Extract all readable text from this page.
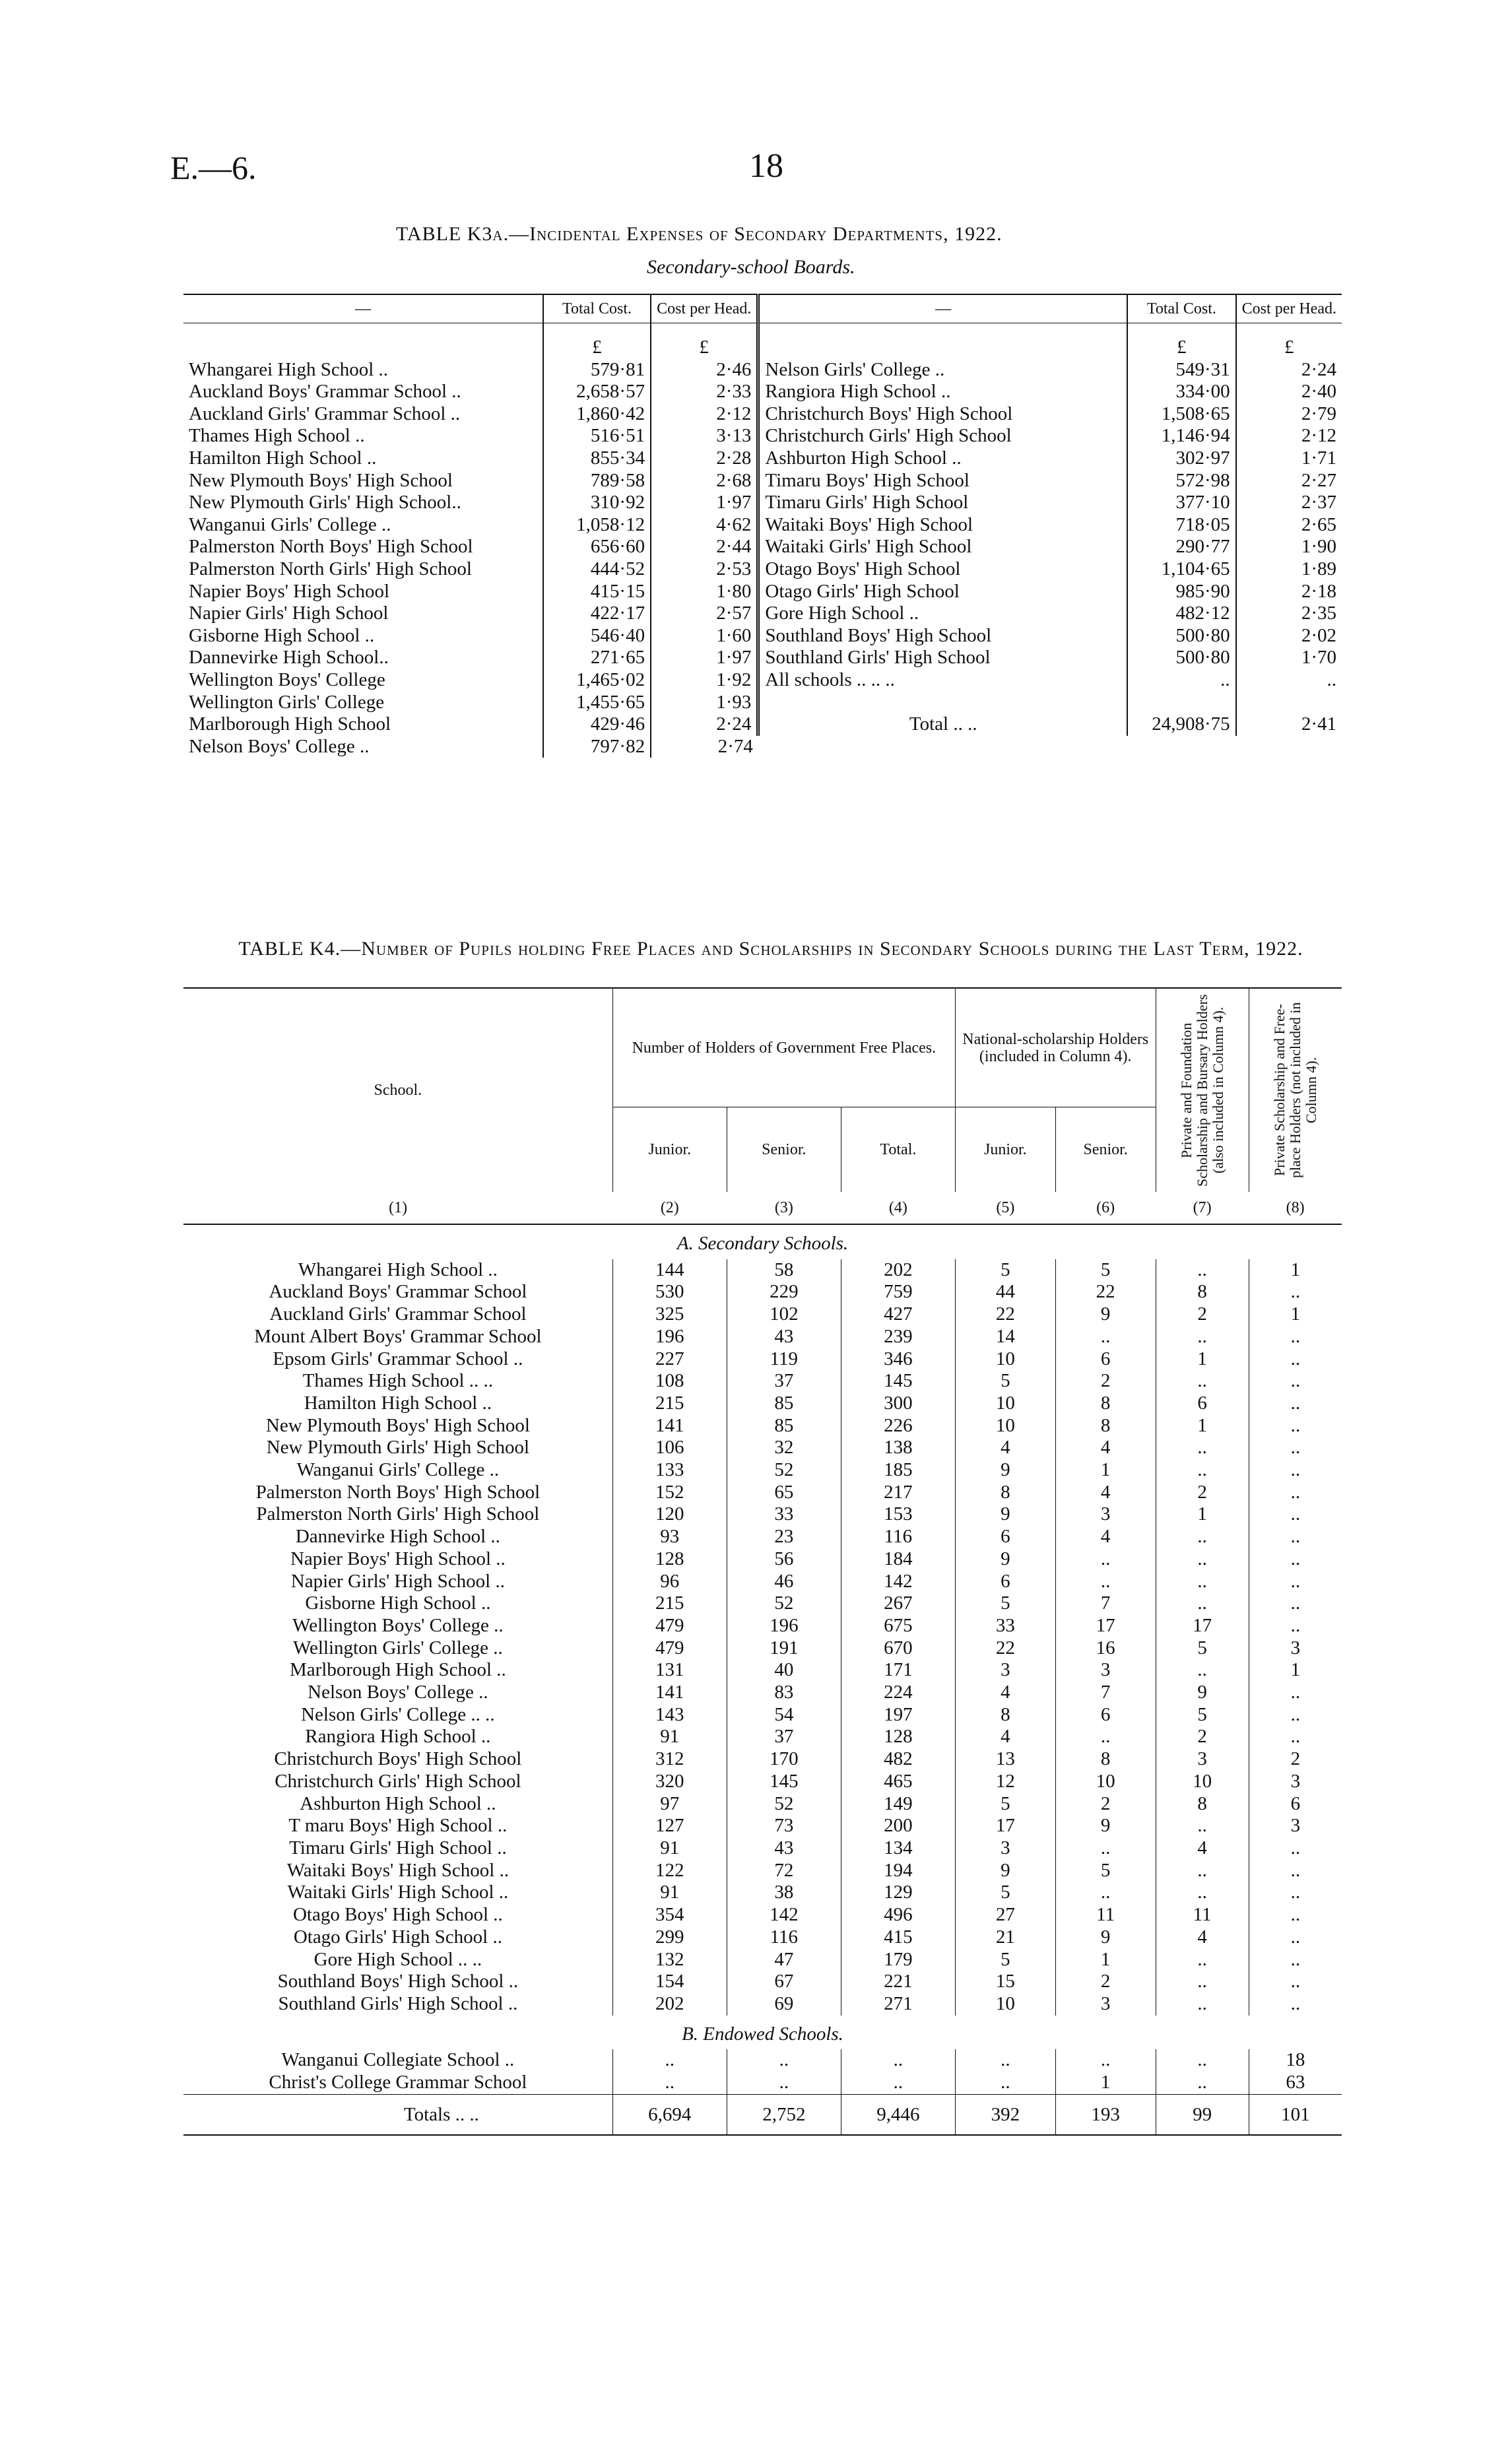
E.—6.	18
TABLE K3a.—Incidental Expenses of Secondary Departments, 1922.
Secondary-school Boards.
—	Total Cost.	Cost per Head.	—	Total Cost.	Cost per Head.
	£	£		£	£
Whangarei High School ..	579·81	2·46	Nelson Girls' College ..	549·31	2·24
Auckland Boys' Grammar School ..	2,658·57	2·33	Rangiora High School ..	334·00	2·40
Auckland Girls' Grammar School ..	1,860·42	2·12	Christchurch Boys' High School	1,508·65	2·79
Thames High School ..	516·51	3·13	Christchurch Girls' High School	1,146·94	2·12
Hamilton High School ..	855·34	2·28	Ashburton High School ..	302·97	1·71
New Plymouth Boys' High School	789·58	2·68	Timaru Boys' High School	572·98	2·27
New Plymouth Girls' High School..	310·92	1·97	Timaru Girls' High School	377·10	2·37
Wanganui Girls' College ..	1,058·12	4·62	Waitaki Boys' High School	718·05	2·65
Palmerston North Boys' High School	656·60	2·44	Waitaki Girls' High School	290·77	1·90
Palmerston North Girls' High School	444·52	2·53	Otago Boys' High School	1,104·65	1·89
Napier Boys' High School	415·15	1·80	Otago Girls' High School	985·90	2·18
Napier Girls' High School	422·17	2·57	Gore High School ..	482·12	2·35
Gisborne High School ..	546·40	1·60	Southland Boys' High School	500·80	2·02
Dannevirke High School..	271·65	1·97	Southland Girls' High School	500·80	1·70
Wellington Boys' College	1,465·02	1·92	All schools .. .. ..	..	..
Wellington Girls' College	1,455·65	1·93			
Marlborough High School	429·46	2·24	Total .. ..	24,908·75	2·41
Nelson Boys' College ..	797·82	2·74			
TABLE K4.—Number of Pupils holding Free Places and Scholarships in Secondary Schools during the Last Term, 1922.
School.	Number of Holders of Government Free Places.			National-scholarship Holders (included in Column 4).		Private and Foundation Scholarship and Bursary Holders (also included in Column 4).	Private Scholarship and Free-place Holders (not included in Column 4).

	Junior.	Senior.	Total.	Junior.	Senior.		
(1)	(2)	(3)	(4)	(5)	(6)	(7)	(8)
A. Secondary Schools.							
Whangarei High School ..	144	58	202	5	5	..	1
Auckland Boys' Grammar School	530	229	759	44	22	8	..
Auckland Girls' Grammar School	325	102	427	22	9	2	1
Mount Albert Boys' Grammar School	196	43	239	14	..	..	..
Epsom Girls' Grammar School ..	227	119	346	10	6	1	..
Thames High School .. ..	108	37	145	5	2	..	..
Hamilton High School ..	215	85	300	10	8	6	..
New Plymouth Boys' High School	141	85	226	10	8	1	..
New Plymouth Girls' High School	106	32	138	4	4	..	..
Wanganui Girls' College ..	133	52	185	9	1	..	..
Palmerston North Boys' High School	152	65	217	8	4	2	..
Palmerston North Girls' High School	120	33	153	9	3	1	..
Dannevirke High School ..	93	23	116	6	4	..	..
Napier Boys' High School ..	128	56	184	9	..	..	..
Napier Girls' High School ..	96	46	142	6	..	..	..
Gisborne High School ..	215	52	267	5	7	..	..
Wellington Boys' College ..	479	196	675	33	17	17	..
Wellington Girls' College ..	479	191	670	22	16	5	3
Marlborough High School ..	131	40	171	3	3	..	1
Nelson Boys' College ..	141	83	224	4	7	9	..
Nelson Girls' College .. ..	143	54	197	8	6	5	..
Rangiora High School ..	91	37	128	4	..	2	..
Christchurch Boys' High School	312	170	482	13	8	3	2
Christchurch Girls' High School	320	145	465	12	10	10	3
Ashburton High School ..	97	52	149	5	2	8	6
T maru Boys' High School ..	127	73	200	17	9	..	3
Timaru Girls' High School ..	91	43	134	3	..	4	..
Waitaki Boys' High School ..	122	72	194	9	5	..	..
Waitaki Girls' High School ..	91	38	129	5	..	..	..
Otago Boys' High School ..	354	142	496	27	11	11	..
Otago Girls' High School ..	299	116	415	21	9	4	..
Gore High School .. ..	132	47	179	5	1	..	..
Southland Boys' High School ..	154	67	221	15	2	..	..
Southland Girls' High School ..	202	69	271	10	3	..	..
B. Endowed Schools.							
Wanganui Collegiate School ..	..	..	..	..	..	..	18
Christ's College Grammar School	..	..	..	..	1	..	63
Totals .. ..	6,694	2,752	9,446	392	193	99	101
